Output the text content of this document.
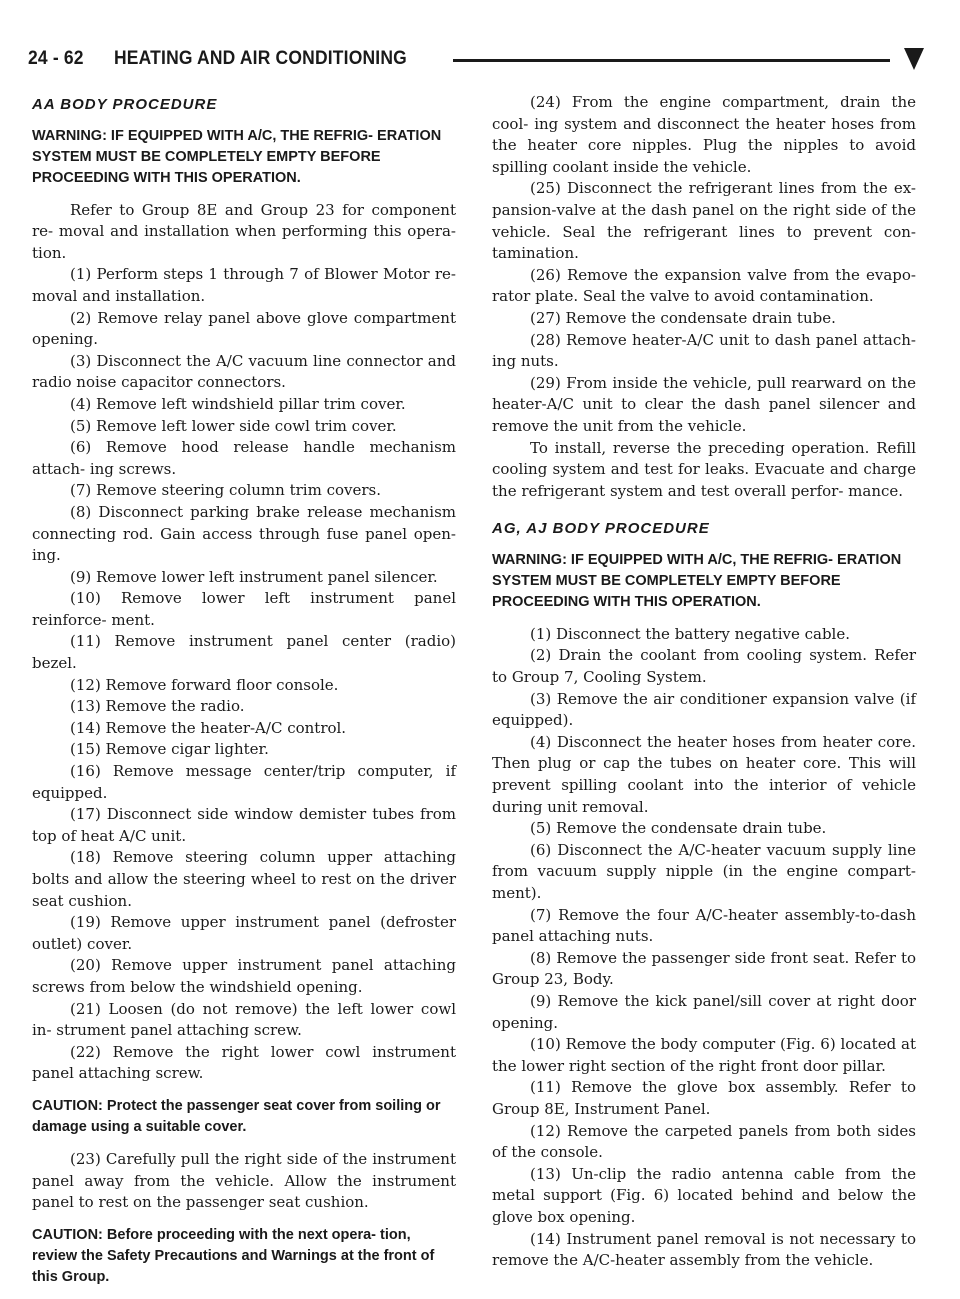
24 - 62 HEATING AND AIR CONDITIONING
AA BODY PROCEDURE

WARNING: IF EQUIPPED WITH A/C, THE REFRIG- ERATION SYSTEM MUST BE COMPLETELY EMPTY BEFORE PROCEEDING WITH THIS OPERATION.

Refer to Group 8E and Group 23 for component re- moval and installation when performing this opera- tion.

(1) Perform steps 1 through 7 of Blower Motor re- moval and installation.

(2) Remove relay panel above glove compartment opening.

(3) Disconnect the A/C vacuum line connector and radio noise capacitor connectors.

(4) Remove left windshield pillar trim cover.

(5) Remove left lower side cowl trim cover.

(6) Remove hood release handle mechanism attach- ing screws.

(7) Remove steering column trim covers.

(8) Disconnect parking brake release mechanism connecting rod. Gain access through fuse panel open- ing.

(9) Remove lower left instrument panel silencer.

(10) Remove lower left instrument panel reinforce- ment.

(11) Remove instrument panel center (radio) bezel.

(12) Remove forward floor console.

(13) Remove the radio.

(14) Remove the heater-A/C control.

(15) Remove cigar lighter.

(16) Remove message center/trip computer, if equipped.

(17) Disconnect side window demister tubes from top of heat A/C unit.

(18) Remove steering column upper attaching bolts and allow the steering wheel to rest on the driver seat cushion.

(19) Remove upper instrument panel (defroster outlet) cover.

(20) Remove upper instrument panel attaching screws from below the windshield opening.

(21) Loosen (do not remove) the left lower cowl in- strument panel attaching screw.

(22) Remove the right lower cowl instrument panel attaching screw.

CAUTION: Protect the passenger seat cover from soiling or damage using a suitable cover.

(23) Carefully pull the right side of the instrument panel away from the vehicle. Allow the instrument panel to rest on the passenger seat cushion.

CAUTION: Before proceeding with the next opera- tion, review the Safety Precautions and Warnings at the front of this Group.

(24) From the engine compartment, drain the cool- ing system and disconnect the heater hoses from the heater core nipples. Plug the nipples to avoid spilling coolant inside the vehicle.

(25) Disconnect the refrigerant lines from the ex- pansion-valve at the dash panel on the right side of the vehicle. Seal the refrigerant lines to prevent con- tamination.

(26) Remove the expansion valve from the evapo- rator plate. Seal the valve to avoid contamination.

(27) Remove the condensate drain tube.

(28) Remove heater-A/C unit to dash panel attach- ing nuts.

(29) From inside the vehicle, pull rearward on the heater-A/C unit to clear the dash panel silencer and remove the unit from the vehicle.

To install, reverse the preceding operation. Refill cooling system and test for leaks. Evacuate and charge the refrigerant system and test overall perfor- mance.

AG, AJ BODY PROCEDURE

WARNING: IF EQUIPPED WITH A/C, THE REFRIG- ERATION SYSTEM MUST BE COMPLETELY EMPTY BEFORE PROCEEDING WITH THIS OPERATION.

(1) Disconnect the battery negative cable.

(2) Drain the coolant from cooling system. Refer to Group 7, Cooling System.

(3) Remove the air conditioner expansion valve (if equipped).

(4) Disconnect the heater hoses from heater core. Then plug or cap the tubes on heater core. This will prevent spilling coolant into the interior of vehicle during unit removal.

(5) Remove the condensate drain tube.

(6) Disconnect the A/C-heater vacuum supply line from vacuum supply nipple (in the engine compart- ment).

(7) Remove the four A/C-heater assembly-to-dash panel attaching nuts.

(8) Remove the passenger side front seat. Refer to Group 23, Body.

(9) Remove the kick panel/sill cover at right door opening.

(10) Remove the body computer (Fig. 6) located at the lower right section of the right front door pillar.

(11) Remove the glove box assembly. Refer to Group 8E, Instrument Panel.

(12) Remove the carpeted panels from both sides of the console.

(13) Un-clip the radio antenna cable from the metal support (Fig. 6) located behind and below the glove box opening.

(14) Instrument panel removal is not necessary to remove the A/C-heater assembly from the vehicle.
